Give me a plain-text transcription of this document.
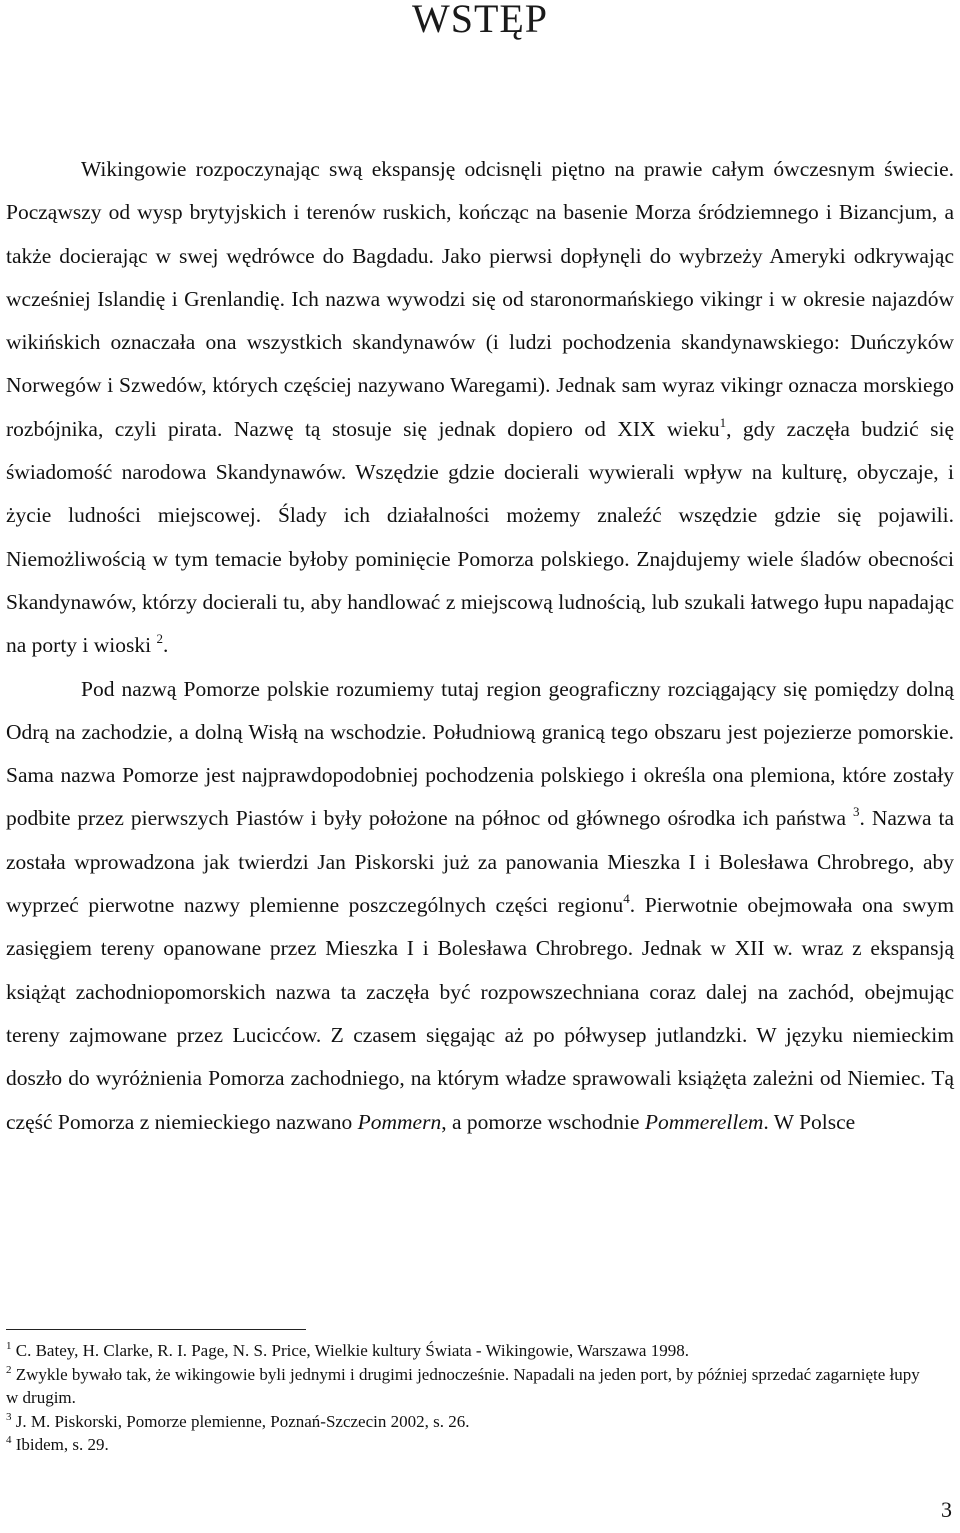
WSTĘP

Wikingowie rozpoczynając swą ekspansję odcisnęli piętno na prawie całym ówczesnym świecie. Począwszy od wysp brytyjskich i terenów ruskich, kończąc na basenie Morza śródziemnego i Bizancjum, a także docierając w swej wędrówce do Bagdadu. Jako pierwsi dopłynęli do wybrzeży Ameryki odkrywając wcześniej Islandię i Grenlandię. Ich nazwa wywodzi się od staronormańskiego vikingr i w okresie najazdów wikińskich oznaczała ona wszystkich skandynawów (i ludzi pochodzenia skandynawskiego: Duńczyków Norwegów i Szwedów, których częściej nazywano Waregami). Jednak sam wyraz vikingr oznacza morskiego rozbójnika, czyli pirata. Nazwę tą stosuje się jednak dopiero od XIX wieku$^1$, gdy zaczęła budzić się świadomość narodowa Skandynawów. Wszędzie gdzie docierali wywierali wpływ na kulturę, obyczaje, i życie ludności miejscowej. Ślady ich działalności możemy znaleźć wszędzie gdzie się pojawili. Niemożliwością w tym temacie byłoby pominięcie Pomorza polskiego. Znajdujemy wiele śladów obecności Skandynawów, którzy docierali tu, aby handlować z miejscową ludnością, lub szukali łatwego łupu napadając na porty i wioski $^2$.

Pod nazwą Pomorze polskie rozumiemy tutaj region geograficzny rozciągający się pomiędzy dolną Odrą na zachodzie, a dolną Wisłą na wschodzie. Południową granicą tego obszaru jest pojezierze pomorskie. Sama nazwa Pomorze jest najprawdopodobniej pochodzenia polskiego i określa ona plemiona, które zostały podbite przez pierwszych Piastów i były położone na północ od głównego ośrodka ich państwa $^3$. Nazwa ta została wprowadzona jak twierdzi Jan Piskorski już za panowania Mieszka I i Bolesława Chrobrego, aby wyprzeć pierwotne nazwy plemienne poszczególnych części regionu$^4$. Pierwotnie obejmowała ona swym zasięgiem tereny opanowane przez Mieszka I i Bolesława Chrobrego. Jednak w XII w. wraz z ekspansją książąt zachodniopomorskich nazwa ta zaczęła być rozpowszechniana coraz dalej na zachód, obejmując tereny zajmowane przez Lucicćow. Z czasem sięgając aż po półwysep jutlandzki. W języku niemieckim doszło do wyróżnienia Pomorza zachodniego, na którym władze sprawowali książęta zależni od Niemiec. Tą część Pomorza z niemieckiego nazwano Pommern, a pomorze wschodnie Pommerellem. W Polsce

$^1$ C. Batey, H. Clarke, R. I. Page, N. S. Price, Wielkie kultury Świata - Wikingowie, Warszawa 1998.
$^2$ Zwykle bywało tak, że wikingowie byli jednymi i drugimi jednocześnie. Napadali na jeden port, by później sprzedać zagarnięte łupy w drugim.
$^3$ J. M. Piskorski, Pomorze plemienne, Poznań-Szczecin 2002, s. 26.
$^4$ Ibidem, s. 29.
3
